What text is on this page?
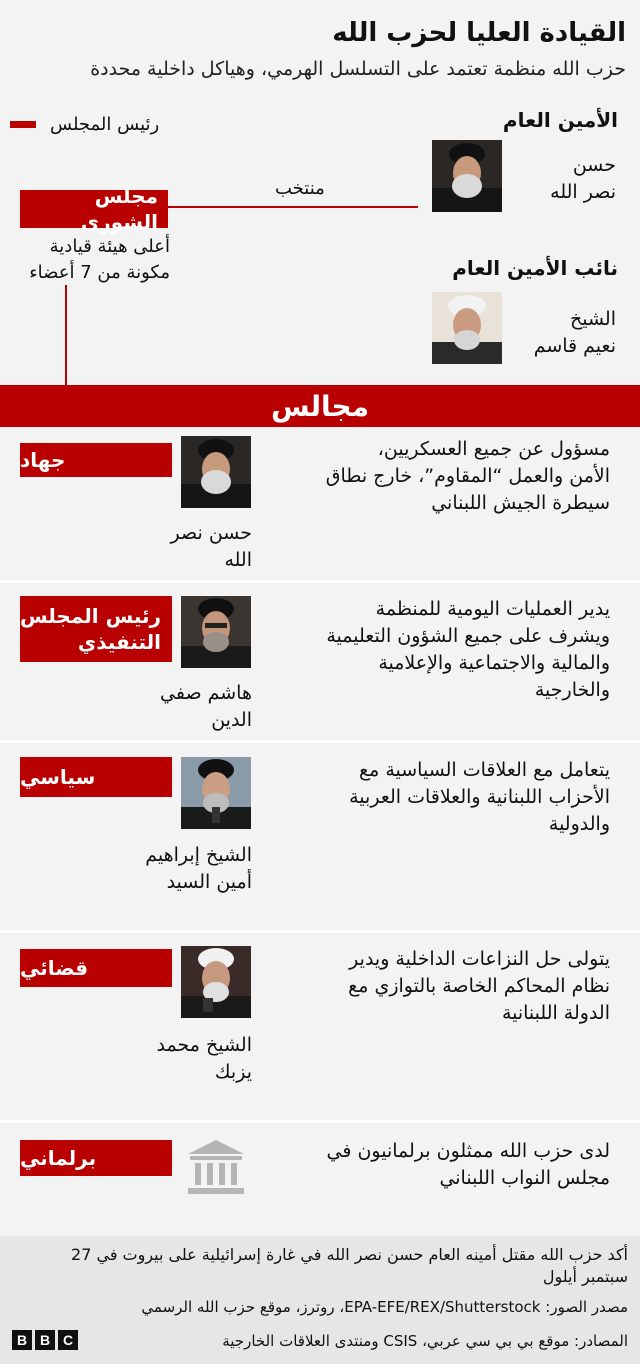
القيادة العليا لحزب الله
حزب الله منظمة تعتمد على التسلسل الهرمي، وهياكل داخلية محددة
رئيس المجلس	الأمين العام
حسن
نصر الله
نائب الأمين العام
الشيخ
نعيم قاسم
منتخب
مجلس الشورى
أعلى هيئة قيادية
مكونة من 7 أعضاء
مجالس
جهاد
حسن نصر
الله
مسؤول عن جميع العسكريين،
الأمن والعمل “المقاوم”، خارج نطاق
سيطرة الجيش اللبناني
رئيس المجلس
التنفيذي
هاشم صفي
الدين
يدير العمليات اليومية للمنظمة
ويشرف على جميع الشؤون التعليمية
والمالية والاجتماعية والإعلامية
والخارجية
سياسي
الشيخ إبراهيم
أمين السيد
يتعامل مع العلاقات السياسية مع
الأحزاب اللبنانية والعلاقات العربية
والدولية
قضائي
الشيخ محمد
يزبك
يتولى حل النزاعات الداخلية ويدير
نظام المحاكم الخاصة بالتوازي مع
الدولة اللبنانية
برلماني	لدى حزب الله ممثلون برلمانيون في
مجلس النواب اللبناني
أكد حزب الله مقتل أمينه العام حسن نصر الله في غارة إسرائيلية على بيروت في 27
سبتمبر أيلول
مصدر الصور: EPA-EFE/REX/Shutterstock، روترز، موقع حزب الله الرسمي
المصادر: موقع بي بي سي عربي، CSIS ومنتدى العلاقات الخارجية
B B C
